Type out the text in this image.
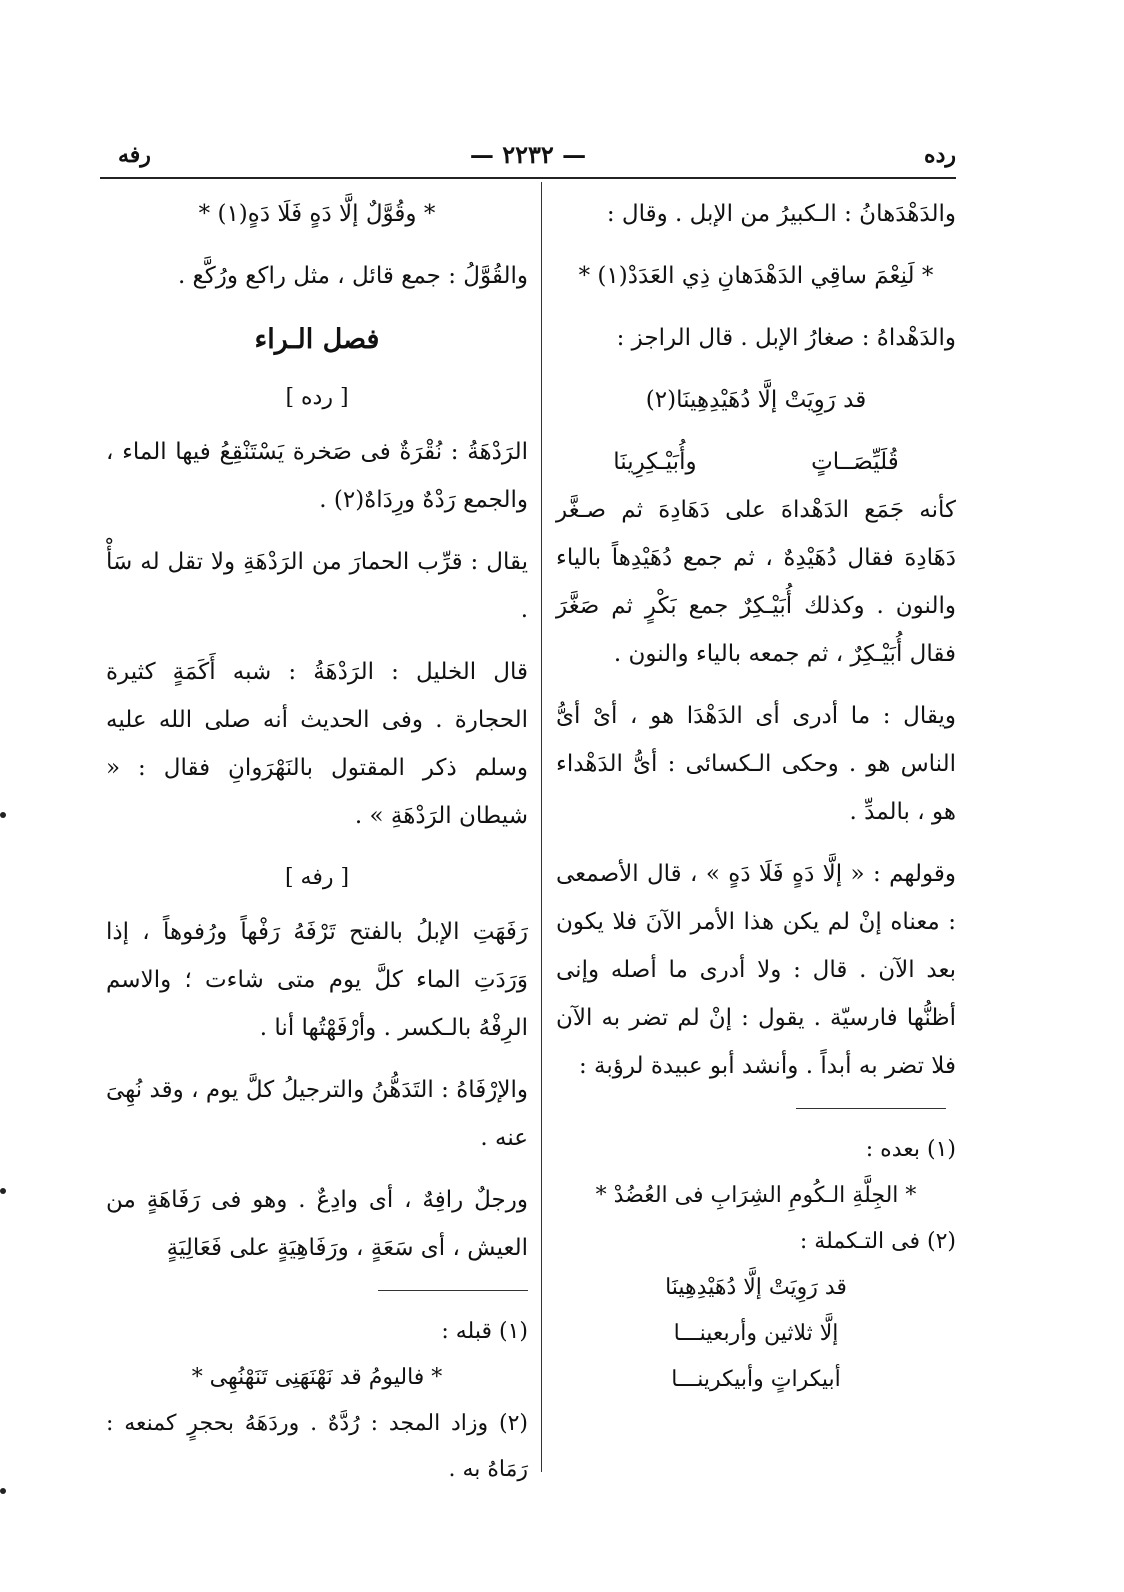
رده
— ٢٢٣٢ —
رفه

والدَهْدَهانُ : الـكبيرُ من الإبل . وقال :

* لَنِعْمَ ساقِي الدَهْدَهانِ ذِي العَدَدْ(١) *

والدَهْداهُ : صغارُ الإبل . قال الراجز :

قد رَوِيَتْ إلَّا دُهَيْدِهِينَا(٢)

قُلَيِّصَــاتٍ
وأُبَيْـكِرِينَا

كأنه جَمَع الدَهْداهَ على دَهَادِهَ ثم صـغَّر دَهَادِهَ فقال دُهَيْدِهٌ ، ثم جمع دُهَيْدِهاً بالياء والنون . وكذلك أُبَيْـكِرٌ جمع بَكْرٍ ثم صَغَّرَ فقال أُبَيْـكِرٌ ، ثم جمعه بالياء والنون .

ويقال : ما أدرى أى الدَهْدَا هو ، أىْ أىُّ الناس هو . وحكى الـكسائى : أىُّ الدَهْداء هو ، بالمدِّ .

وقولهم : « إلَّا دَهٍ فَلَا دَهٍ » ، قال الأصمعى : معناه إنْ لم يكن هذا الأمر الآنَ فلا يكون بعد الآن . قال : ولا أدرى ما أصله وإنى أظنُّها فارسيّة . يقول : إنْ لم تضر به الآن فلا تضر به أبداً . وأنشد أبو عبيدة لرؤبة :

(١) بعده :

* الجِلَّةِ الـكُومِ الشِرَابِ فى العُضُدْ *

(٢) فى التـكملة :

قد رَوِيَتْ إلَّا دُهَيْدِهِينَا

إلَّا ثلاثين وأربعينـــا

أبيكراتٍ وأبيكرينـــا

* وقُوَّلٌ إلَّا دَهٍ فَلَا دَهٍ(١) *

والقُوَّلُ : جمع قائل ، مثل راكع ورُكَّع .

فصل الـراء
[ رده ]

الرَدْهَةُ : نُقْرَةٌ فى صَخرة يَسْتَنْقِعُ فيها الماء ، والجمع رَدْهٌ ورِدَاهٌ(٢) .

يقال : قرِّب الحمارَ من الرَدْهَةِ ولا تقل له سَأْ .

قال الخليل : الرَدْهَةُ : شبه أَكَمَةٍ كثيرة الحجارة . وفى الحديث أنه صلى الله عليه وسلم ذكر المقتول بالنَهْرَوانِ فقال : « شيطان الرَدْهَةِ » .

[ رفه ]

رَفَهَتِ الإبلُ بالفتح تَرْفَهُ رَفْهاً ورُفوهاً ، إذا وَرَدَتِ الماء كلَّ يوم متى شاءت ؛ والاسم الرِفْهُ بالـكسر . وأرْفَهْتُها أنا .

والإرْفَاهُ : التَدَهُّنُ والترجيلُ كلَّ يوم ، وقد نُهِىَ عنه .

ورجلٌ رافِهٌ ، أى وادِعٌ . وهو فى رَفَاهَةٍ من العيش ، أى سَعَةٍ ، ورَفَاهِيَةٍ على فَعَالِيَةٍ

(١) قبله :

* فاليومُ قد نَهْنَهَنِى تَنَهْنُهِى *

(٢) وزاد المجد : رُدَّهٌ . وردَهَهُ بحجرٍ كمنعه : رَمَاهُ به .
